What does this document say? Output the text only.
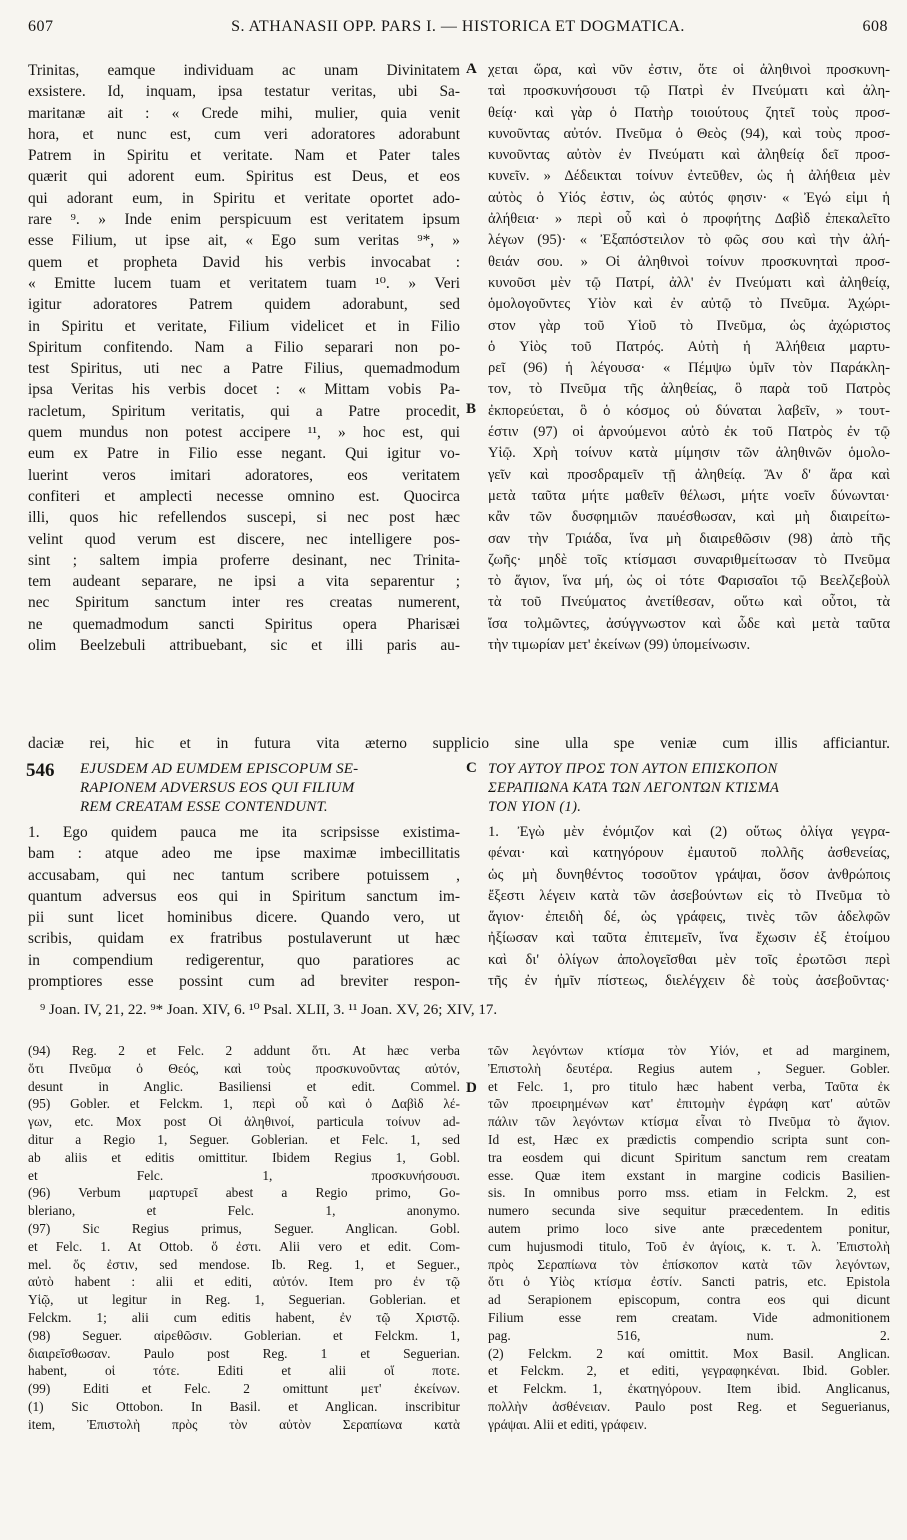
607	S. ATHANASII OPP. PARS I. — HISTORICA ET DOGMATICA.	608
Trinitas, eamque individuam ac unam Divinitatem
exsistere. Id, inquam, ipsa testatur veritas, ubi Sa-
maritanæ ait : « Crede mihi, mulier, quia venit
hora, et nunc est, cum veri adoratores adorabunt
Patrem in Spiritu et veritate. Nam et Pater tales
quærit qui adorent eum. Spiritus est Deus, et eos
qui adorant eum, in Spiritu et veritate oportet ado-
rare ⁹. » Inde enim perspicuum est veritatem ipsum
esse Filium, ut ipse ait, « Ego sum veritas ⁹*, »
quem et propheta David his verbis invocabat :
« Emitte lucem tuam et veritatem tuam ¹⁰. » Veri
igitur adoratores Patrem quidem adorabunt, sed
in Spiritu et veritate, Filium videlicet et in Filio
Spiritum confitendo. Nam a Filio separari non po-
test Spiritus, uti nec a Patre Filius, quemadmodum
ipsa Veritas his verbis docet : « Mittam vobis Pa-
racletum, Spiritum veritatis, qui a Patre procedit,
quem mundus non potest accipere ¹¹, » hoc est, qui
eum ex Patre in Filio esse negant. Qui igitur vo-
luerint veros imitari adoratores, eos veritatem
confiteri et amplecti necesse omnino est. Quocirca
illi, quos hic refellendos suscepi, si nec post hæc
velint quod verum est discere, nec intelligere pos-
sint ; saltem impia proferre desinant, nec Trinita-
tem audeant separare, ne ipsi a vita separentur ;
nec Spiritum sanctum inter res creatas numerent,
ne quemadmodum sancti Spiritus opera Pharisæi
olim Beelzebuli attribuebant, sic et illi paris au-
χεται ὥρα, καὶ νῦν ἐστιν, ὅτε οἱ ἀληθινοὶ προσκυνη-
ταὶ προσκυνήσουσι τῷ Πατρὶ ἐν Πνεύματι καὶ ἀλη-
θείᾳ· καὶ γὰρ ὁ Πατὴρ τοιούτους ζητεῖ τοὺς προσ-
κυνοῦντας αὐτόν. Πνεῦμα ὁ Θεὸς (94), καὶ τοὺς προσ-
κυνοῦντας αὐτὸν ἐν Πνεύματι καὶ ἀληθείᾳ δεῖ προσ-
κυνεῖν. » Δέδεικται τοίνυν ἐντεῦθεν, ὡς ἡ ἀλήθεια μὲν
αὐτὸς ὁ Υἱός ἐστιν, ὡς αὐτός φησιν· « Ἐγώ εἰμι ἡ
ἀλήθεια· » περὶ οὗ καὶ ὁ προφήτης Δαβὶδ ἐπεκαλεῖτο
λέγων (95)· « Ἐξαπόστειλον τὸ φῶς σου καὶ τὴν ἀλή-
θειάν σου. » Οἱ ἀληθινοὶ τοίνυν προσκυνηταὶ προσ-
κυνοῦσι μὲν τῷ Πατρί, ἀλλ' ἐν Πνεύματι καὶ ἀληθείᾳ,
ὁμολογοῦντες Υἱὸν καὶ ἐν αὐτῷ τὸ Πνεῦμα. Ἀχώρι-
στον γὰρ τοῦ Υἱοῦ τὸ Πνεῦμα, ὡς ἀχώριστος
ὁ Υἱὸς τοῦ Πατρός. Αὐτὴ ἡ Ἀλήθεια μαρτυ-
ρεῖ (96) ἡ λέγουσα· « Πέμψω ὑμῖν τὸν Παράκλη-
τον, τὸ Πνεῦμα τῆς ἀληθείας, ὃ παρὰ τοῦ Πατρὸς
ἐκπορεύεται, ὃ ὁ κόσμος οὐ δύναται λαβεῖν, » τουτ-
έστιν (97) οἱ ἀρνούμενοι αὐτὸ ἐκ τοῦ Πατρὸς ἐν τῷ
Υἱῷ. Χρὴ τοίνυν κατὰ μίμησιν τῶν ἀληθινῶν ὁμολο-
γεῖν καὶ προσδραμεῖν τῇ ἀληθείᾳ. Ἂν δ' ἄρα καὶ
μετὰ ταῦτα μήτε μαθεῖν θέλωσι, μήτε νοεῖν δύνωνται·
κἂν τῶν δυσφημιῶν παυέσθωσαν, καὶ μὴ διαιρείτω-
σαν τὴν Τριάδα, ἵνα μὴ διαιρεθῶσιν (98) ἀπὸ τῆς
ζωῆς· μηδὲ τοῖς κτίσμασι συναριθμείτωσαν τὸ Πνεῦμα
τὸ ἅγιον, ἵνα μή, ὡς οἱ τότε Φαρισαῖοι τῷ Βεελζεβοὺλ
τὰ τοῦ Πνεύματος ἀνετίθεσαν, οὕτω καὶ οὗτοι, τὰ
ἴσα τολμῶντες, ἀσύγγνωστον καὶ ὧδε καὶ μετὰ ταῦτα
τὴν τιμωρίαν μετ' ἐκείνων (99) ὑπομείνωσιν.
A
B
C
D
daciæ rei, hic et in futura vita æterno supplicio sine ulla spe veniæ cum illis afficiantur.
546 EJUSDEM AD EUMDEM EPISCOPUM SE-
RAPIONEM ADVERSUS EOS QUI FILIUM
REM CREATAM ESSE CONTENDUNT.
ΤΟΥ ΑΥΤΟΥ ΠΡΟΣ ΤΟΝ ΑΥΤΟΝ ΕΠΙΣΚΟΠΟΝ
ΣΕΡΑΠΙΩΝΑ ΚΑΤΑ ΤΩΝ ΛΕΓΟΝΤΩΝ ΚΤΙΣΜΑ
ΤΟΝ ΥΙΟΝ (1).
1. Ego quidem pauca me ita scripsisse existima-
bam : atque adeo me ipse maximæ imbecillitatis
accusabam, qui nec tantum scribere potuissem ,
quantum adversus eos qui in Spiritum sanctum im-
pii sunt licet hominibus dicere. Quando vero, ut
scribis, quidam ex fratribus postulaverunt ut hæc
in compendium redigerentur, quo paratiores ac
promptiores esse possint cum ad breviter respon-
1. Ἐγὼ μὲν ἐνόμιζον καὶ (2) οὕτως ὀλίγα γεγρα-
φέναι· καὶ κατηγόρουν ἐμαυτοῦ πολλῆς ἀσθενείας,
ὡς μὴ δυνηθέντος τοσοῦτον γράψαι, ὅσον ἀνθρώποις
ἔξεστι λέγειν κατὰ τῶν ἀσεβούντων εἰς τὸ Πνεῦμα τὸ
ἅγιον· ἐπειδὴ δέ, ὡς γράφεις, τινὲς τῶν ἀδελφῶν
ἠξίωσαν καὶ ταῦτα ἐπιτεμεῖν, ἵνα ἔχωσιν ἐξ ἑτοίμου
καὶ δι' ὀλίγων ἀπολογεῖσθαι μὲν τοῖς ἐρωτῶσι περὶ
τῆς ἐν ἡμῖν πίστεως, διελέγχειν δὲ τοὺς ἀσεβοῦντας·
⁹ Joan. IV, 21, 22. ⁹* Joan. XIV, 6. ¹⁰ Psal. XLII, 3. ¹¹ Joan. XV, 26; XIV, 17.
(94) Reg. 2 et Felc. 2 addunt ὅτι. At hæc verba
ὅτι Πνεῦμα ὁ Θεός, καὶ τοὺς προσκυνοῦντας αὐτόν,
desunt in Anglic. Basiliensi et edit. Commel.
(95) Gobler. et Felckm. 1, περὶ οὗ καὶ ὁ Δαβὶδ λέ-
γων, etc. Mox post Οἱ ἀληθινοί, particula τοίνυν ad-
ditur a Regio 1, Seguer. Goblerian. et Felc. 1, sed
ab aliis et editis omittitur. Ibidem Regius 1, Gobl.
et Felc. 1, προσκυνήσουσι.
(96) Verbum μαρτυρεῖ abest a Regio primo, Go-
bleriano, et Felc. 1, anonymo.
(97) Sic Regius primus, Seguer. Anglican. Gobl.
et Felc. 1. At Ottob. ὅ ἐστι. Alii vero et edit. Com-
mel. ὅς ἐστιν, sed mendose. Ib. Reg. 1, et Seguer.,
αὐτὸ habent : alii et editi, αὐτόν. Item pro ἐν τῷ
Υἱῷ, ut legitur in Reg. 1, Seguerian. Goblerian. et
Felckm. 1; alii cum editis habent, ἐν τῷ Χριστῷ.
(98) Seguer. αἱρεθῶσιν. Goblerian. et Felckm. 1,
διαιρεῖσθωσαν. Paulo post Reg. 1 et Seguerian.
habent, οἱ τότε. Editi et alii οἵ ποτε.
(99) Editi et Felc. 2 omittunt μετ' ἐκείνων.
(1) Sic Ottobon. In Basil. et Anglican. inscribitur
item, Ἐπιστολὴ πρὸς τὸν αὐτὸν Σεραπίωνα κατὰ
τῶν λεγόντων κτίσμα τὸν Υἱόν, et ad marginem,
Ἐπιστολὴ δευτέρα. Regius autem , Seguer. Gobler.
et Felc. 1, pro titulo hæc habent verba, Ταῦτα ἐκ
τῶν προειρημένων κατ' ἐπιτομὴν ἐγράφη κατ' αὐτῶν
πάλιν τῶν λεγόντων κτίσμα εἶναι τὸ Πνεῦμα τὸ ἅγιον.
Id est, Hæc ex prædictis compendio scripta sunt con-
tra eosdem qui dicunt Spiritum sanctum rem creatam
esse. Quæ item exstant in margine codicis Basilien-
sis. In omnibus porro mss. etiam in Felckm. 2, est
numero secunda sive sequitur præcedentem. In editis
autem primo loco sive ante præcedentem ponitur,
cum hujusmodi titulo, Τοῦ ἐν ἁγίοις, κ. τ. λ. Ἐπιστολὴ
πρὸς Σεραπίωνα τὸν ἐπίσκοπον κατὰ τῶν λεγόντων,
ὅτι ὁ Υἱὸς κτίσμα ἐστίν. Sancti patris, etc. Epistola
ad Serapionem episcopum, contra eos qui dicunt
Filium esse rem creatam. Vide admonitionem
pag. 516, num. 2.
(2) Felckm. 2 καί omittit. Mox Basil. Anglican.
et Felckm. 2, et editi, γεγραφηκέναι. Ibid. Gobler.
et Felckm. 1, ἐκατηγόρουν. Item ibid. Anglicanus,
πολλὴν ἀσθένειαν. Paulo post Reg. et Seguerianus,
γράψαι. Alii et editi, γράφειν.
